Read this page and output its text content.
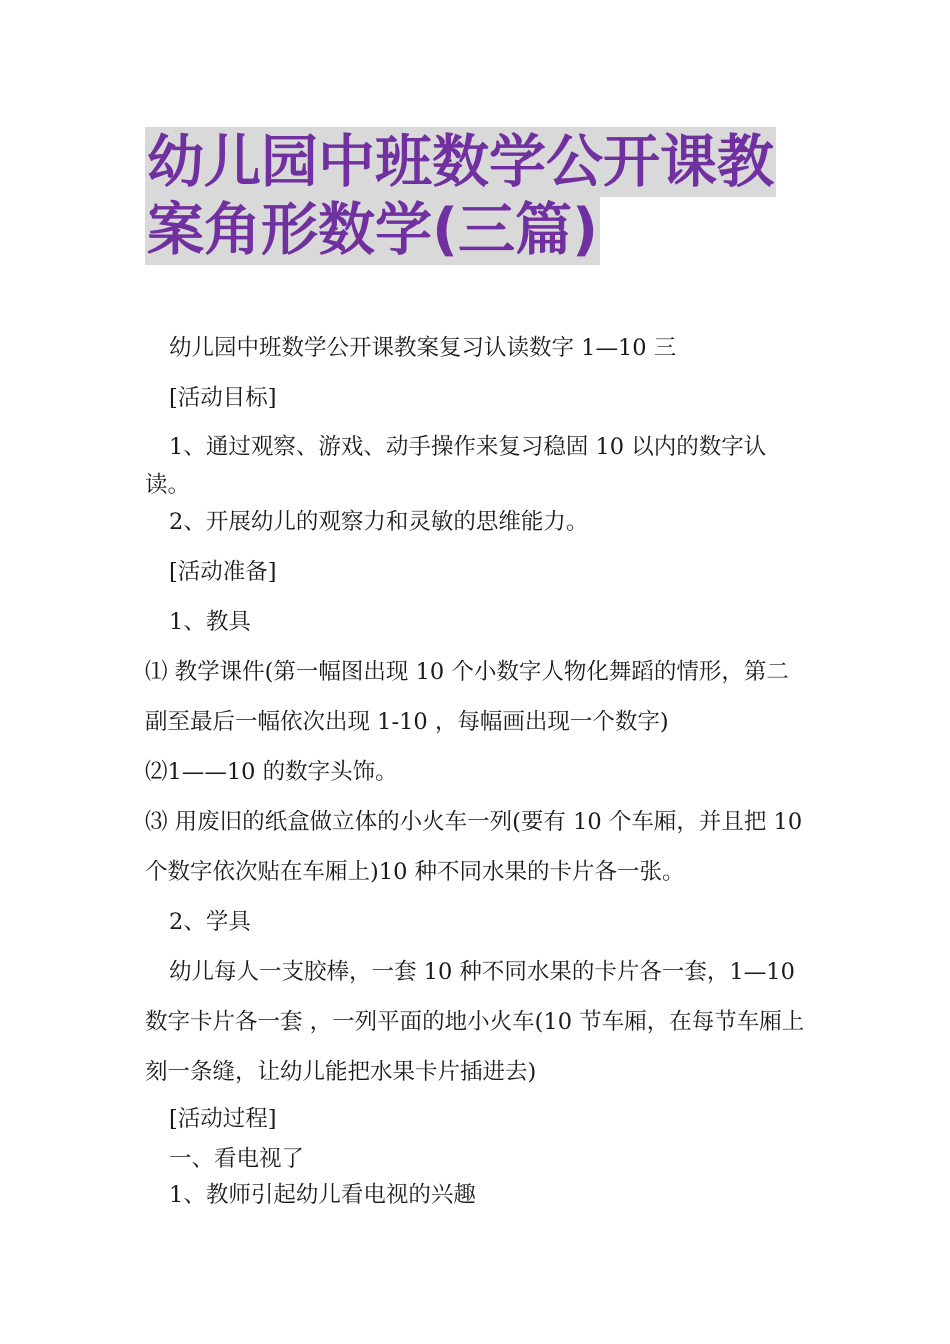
幼儿园中班数学公开课教
案角形数学(三篇)
幼儿园中班数学公开课教案复习认读数字 1—10 三
[活动目标]
1、通过观察、游戏、动手操作来复习稳固 10 以内的数字认读。
2、开展幼儿的观察力和灵敏的思维能力。
[活动准备]
1、教具
⑴ 教学课件(第一幅图出现 10 个小数字人物化舞蹈的情形，第二副至最后一幅依次出现 1-10 ，每幅画出现一个数字)
⑵1——10 的数字头饰。
⑶ 用废旧的纸盒做立体的小火车一列(要有 10 个车厢，并且把 10 个数字依次贴在车厢上)10 种不同水果的卡片各一张。
2、学具
幼儿每人一支胶棒，一套 10 种不同水果的卡片各一套，1—10 数字卡片各一套 ，一列平面的地小火车(10 节车厢，在每节车厢上刻一条缝，让幼儿能把水果卡片插进去)
[活动过程]
一、看电视了
1、教师引起幼儿看电视的兴趣
